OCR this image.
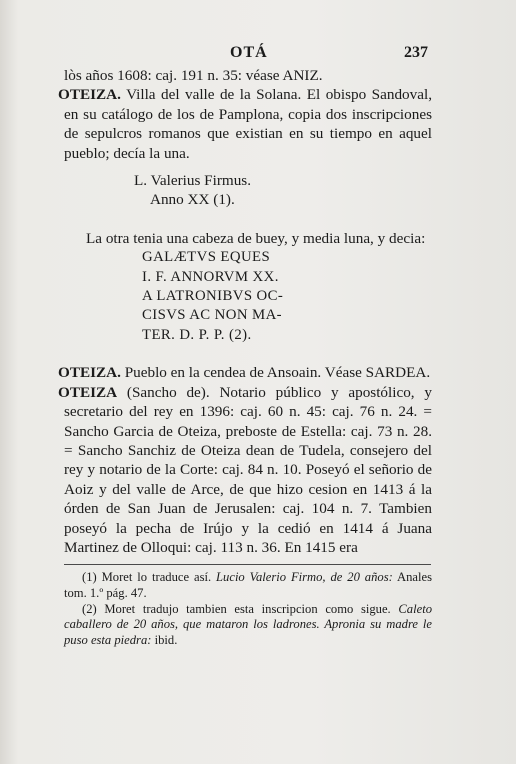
OTÁ	237

lòs años 1608: caj. 191 n. 35: véase ANIZ.

OTEIZA. Villa del valle de la Solana. El obispo Sandoval, en su catálogo de los de Pamplona, copia dos inscripciones de sepulcros romanos que existian en su tiempo en aquel pueblo; decía la una.

L. Valerius Firmus.
Anno XX (1).

La otra tenia una cabeza de buey, y media luna, y decia:

GALÆTVS EQUES
I. F. ANNORVM XX.
A LATRONIBVS OC-
CISVS AC NON MA-
TER. D. P. P. (2).

OTEIZA. Pueblo en la cendea de Ansoain. Véase SARDEA.

OTEIZA (Sancho de). Notario público y apostólico, y secretario del rey en 1396: caj. 60 n. 45: caj. 76 n. 24. = Sancho Garcia de Oteiza, preboste de Estella: caj. 73 n. 28. = Sancho Sanchiz de Oteiza dean de Tudela, consejero del rey y notario de la Corte: caj. 84 n. 10. Poseyó el señorio de Aoiz y del valle de Arce, de que hizo cesion en 1413 á la órden de San Juan de Jerusalen: caj. 104 n. 7. Tambien poseyó la pecha de Irújo y la cedió en 1414 á Juana Martinez de Olloqui: caj. 113 n. 36. En 1415 era

(1) Moret lo traduce así. Lucio Valerio Firmo, de 20 años: Anales tom. 1.º pág. 47.

(2) Moret tradujo tambien esta inscripcion como sigue. Caleto caballero de 20 años, que mataron los ladrones. Apronia su madre le puso esta piedra: ibid.
